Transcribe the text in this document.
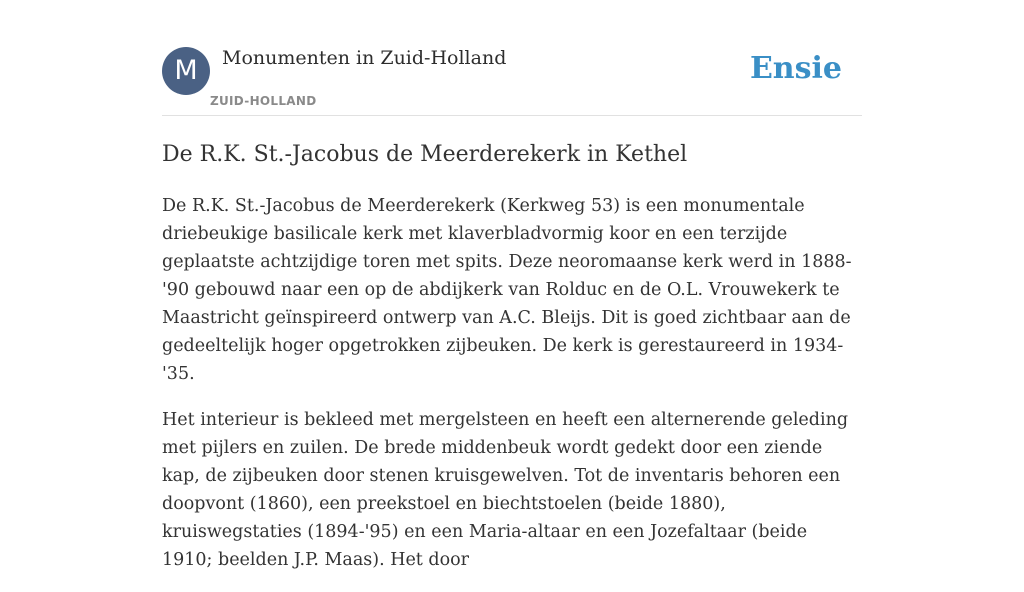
M	Monumenten in Zuid-Holland
ZUID-HOLLAND
Ensie
De R.K. St.-Jacobus de Meerderekerk in Kethel

De R.K. St.-Jacobus de Meerderekerk (Kerkweg 53) is een monumentale driebeukige basilicale kerk met klaverbladvormig koor en een terzijde geplaatste achtzijdige toren met spits. Deze neoromaanse kerk werd in 1888-'90 gebouwd naar een op de abdijkerk van Rolduc en de O.L. Vrouwekerk te Maastricht geïnspireerd ontwerp van A.C. Bleijs. Dit is goed zichtbaar aan de gedeeltelijk hoger opgetrokken zijbeuken. De kerk is gerestaureerd in 1934-'35.

Het interieur is bekleed met mergelsteen en heeft een alternerende geleding met pijlers en zuilen. De brede middenbeuk wordt gedekt door een ziende kap, de zijbeuken door stenen kruisgewelven. Tot de inventaris behoren een doopvont (1860), een preekstoel en biechtstoelen (beide 1880), kruiswegstaties (1894-'95) en een Maria-altaar en een Jozefaltaar (beide 1910; beelden J.P. Maas). Het door
